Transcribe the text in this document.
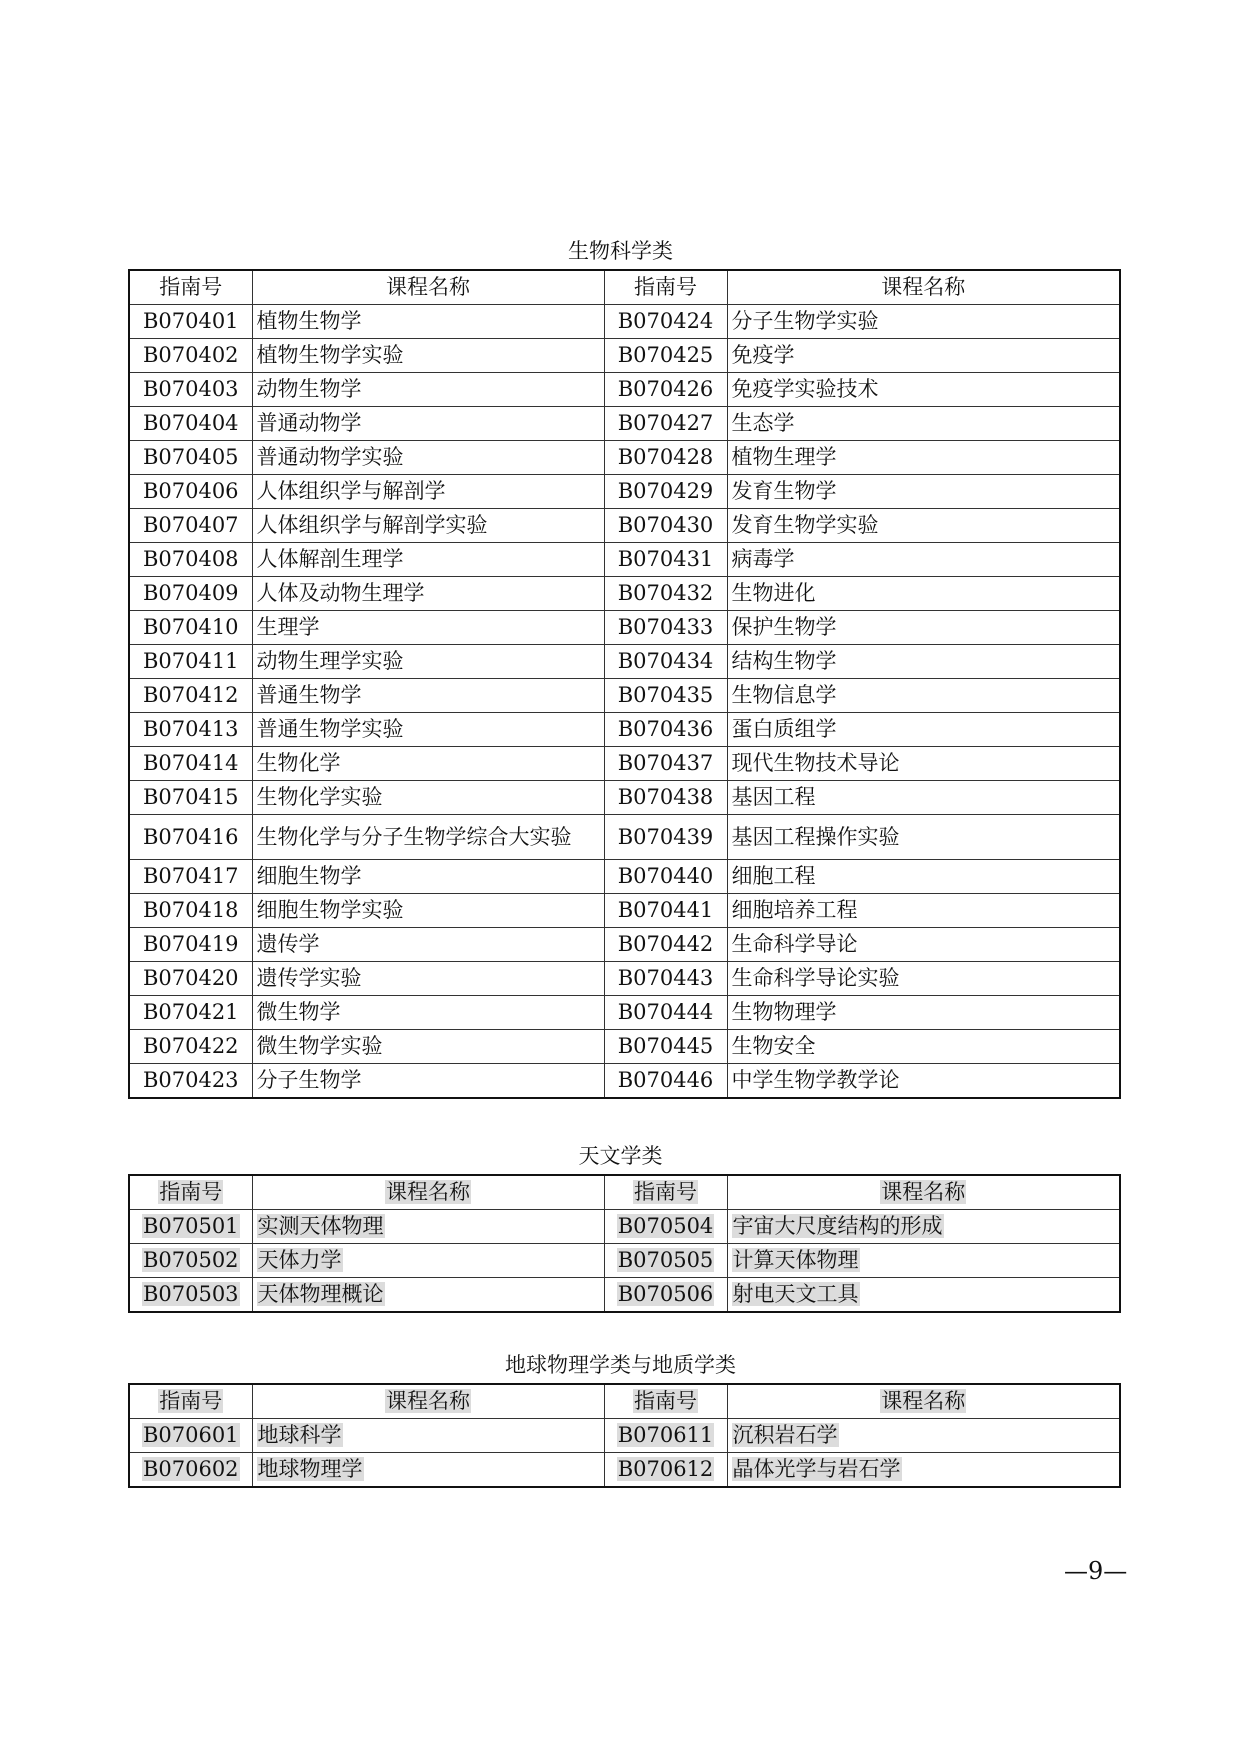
生物科学类
指南号	课程名称	指南号	课程名称
B070401	植物生物学	B070424	分子生物学实验
B070402	植物生物学实验	B070425	免疫学
B070403	动物生物学	B070426	免疫学实验技术
B070404	普通动物学	B070427	生态学
B070405	普通动物学实验	B070428	植物生理学
B070406	人体组织学与解剖学	B070429	发育生物学
B070407	人体组织学与解剖学实验	B070430	发育生物学实验
B070408	人体解剖生理学	B070431	病毒学
B070409	人体及动物生理学	B070432	生物进化
B070410	生理学	B070433	保护生物学
B070411	动物生理学实验	B070434	结构生物学
B070412	普通生物学	B070435	生物信息学
B070413	普通生物学实验	B070436	蛋白质组学
B070414	生物化学	B070437	现代生物技术导论
B070415	生物化学实验	B070438	基因工程
B070416	生物化学与分子生物学综合大实验	B070439	基因工程操作实验
B070417	细胞生物学	B070440	细胞工程
B070418	细胞生物学实验	B070441	细胞培养工程
B070419	遗传学	B070442	生命科学导论
B070420	遗传学实验	B070443	生命科学导论实验
B070421	微生物学	B070444	生物物理学
B070422	微生物学实验	B070445	生物安全
B070423	分子生物学	B070446	中学生物学教学论
天文学类
指南号	课程名称	指南号	课程名称
B070501	实测天体物理	B070504	宇宙大尺度结构的形成
B070502	天体力学	B070505	计算天体物理
B070503	天体物理概论	B070506	射电天文工具
地球物理学类与地质学类
指南号	课程名称	指南号	课程名称
B070601	地球科学	B070611	沉积岩石学
B070602	地球物理学	B070612	晶体光学与岩石学
—9—
